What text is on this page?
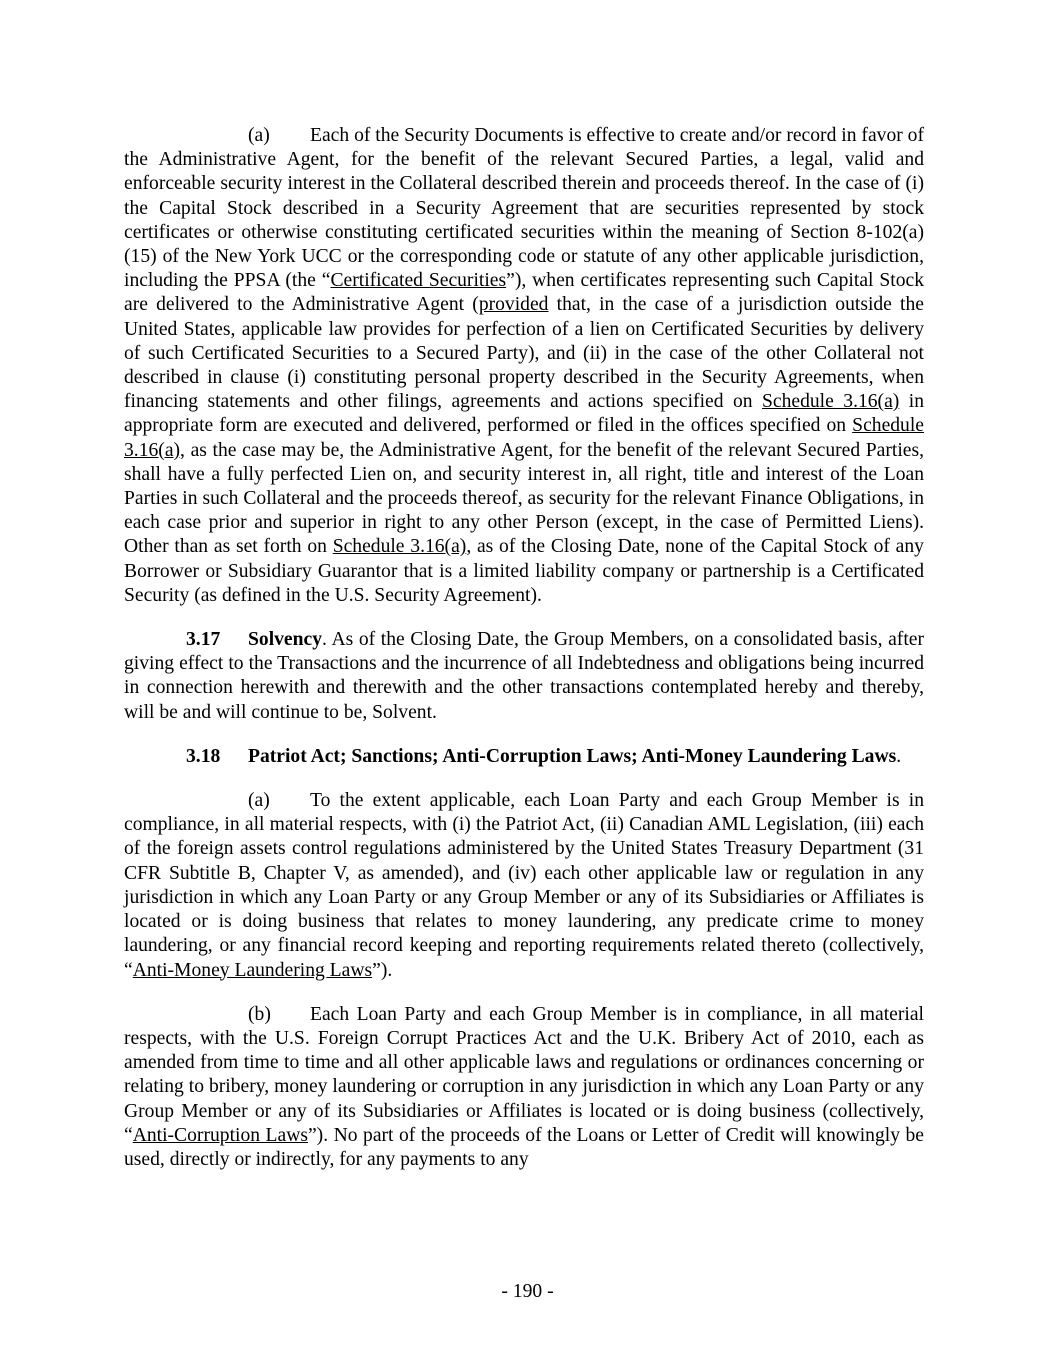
(a) Each of the Security Documents is effective to create and/or record in favor of the Administrative Agent, for the benefit of the relevant Secured Parties, a legal, valid and enforceable security interest in the Collateral described therein and proceeds thereof. In the case of (i) the Capital Stock described in a Security Agreement that are securities represented by stock certificates or otherwise constituting certificated securities within the meaning of Section 8-102(a)(15) of the New York UCC or the corresponding code or statute of any other applicable jurisdiction, including the PPSA (the “Certificated Securities”), when certificates representing such Capital Stock are delivered to the Administrative Agent (provided that, in the case of a jurisdiction outside the United States, applicable law provides for perfection of a lien on Certificated Securities by delivery of such Certificated Securities to a Secured Party), and (ii) in the case of the other Collateral not described in clause (i) constituting personal property described in the Security Agreements, when financing statements and other filings, agreements and actions specified on Schedule 3.16(a) in appropriate form are executed and delivered, performed or filed in the offices specified on Schedule 3.16(a), as the case may be, the Administrative Agent, for the benefit of the relevant Secured Parties, shall have a fully perfected Lien on, and security interest in, all right, title and interest of the Loan Parties in such Collateral and the proceeds thereof, as security for the relevant Finance Obligations, in each case prior and superior in right to any other Person (except, in the case of Permitted Liens). Other than as set forth on Schedule 3.16(a), as of the Closing Date, none of the Capital Stock of any Borrower or Subsidiary Guarantor that is a limited liability company or partnership is a Certificated Security (as defined in the U.S. Security Agreement).

3.17 Solvency. As of the Closing Date, the Group Members, on a consolidated basis, after giving effect to the Transactions and the incurrence of all Indebtedness and obligations being incurred in connection herewith and therewith and the other transactions contemplated hereby and thereby, will be and will continue to be, Solvent.

3.18 Patriot Act; Sanctions; Anti-Corruption Laws; Anti-Money Laundering Laws.

(a) To the extent applicable, each Loan Party and each Group Member is in compliance, in all material respects, with (i) the Patriot Act, (ii) Canadian AML Legislation, (iii) each of the foreign assets control regulations administered by the United States Treasury Department (31 CFR Subtitle B, Chapter V, as amended), and (iv) each other applicable law or regulation in any jurisdiction in which any Loan Party or any Group Member or any of its Subsidiaries or Affiliates is located or is doing business that relates to money laundering, any predicate crime to money laundering, or any financial record keeping and reporting requirements related thereto (collectively, “Anti-Money Laundering Laws”).

(b) Each Loan Party and each Group Member is in compliance, in all material respects, with the U.S. Foreign Corrupt Practices Act and the U.K. Bribery Act of 2010, each as amended from time to time and all other applicable laws and regulations or ordinances concerning or relating to bribery, money laundering or corruption in any jurisdiction in which any Loan Party or any Group Member or any of its Subsidiaries or Affiliates is located or is doing business (collectively, “Anti-Corruption Laws”). No part of the proceeds of the Loans or Letter of Credit will knowingly be used, directly or indirectly, for any payments to any

- 190 -
